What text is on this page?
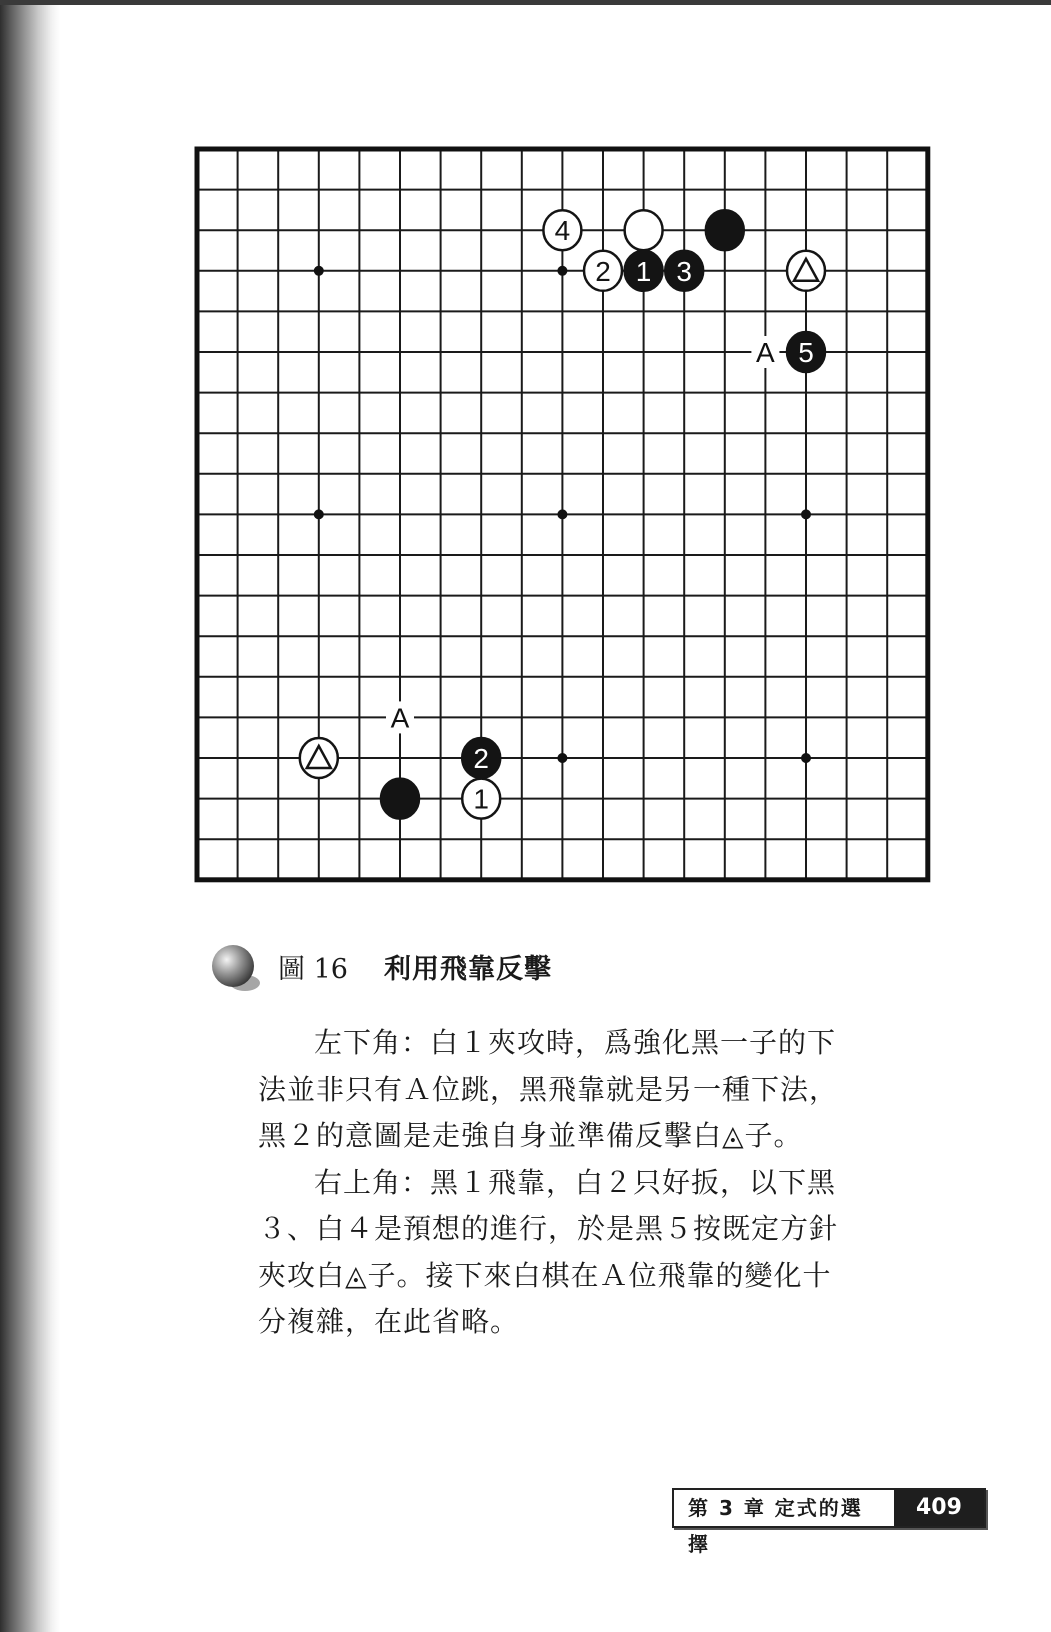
A
A
4
2 1 3
5
2
1
圖 16 利用飛靠反擊

左下角：白１夾攻時，爲強化黑一子的下

法並非只有Ａ位跳，黑飛靠就是另一種下法，

黑２的意圖是走強自身並準備反擊白◬子。

右上角：黑１飛靠，白２只好扳，以下黑

３、白４是預想的進行，於是黑５按既定方針

夾攻白◬子。接下來白棋在Ａ位飛靠的變化十

分複雜，在此省略。

第 3 章 定式的選擇
409
